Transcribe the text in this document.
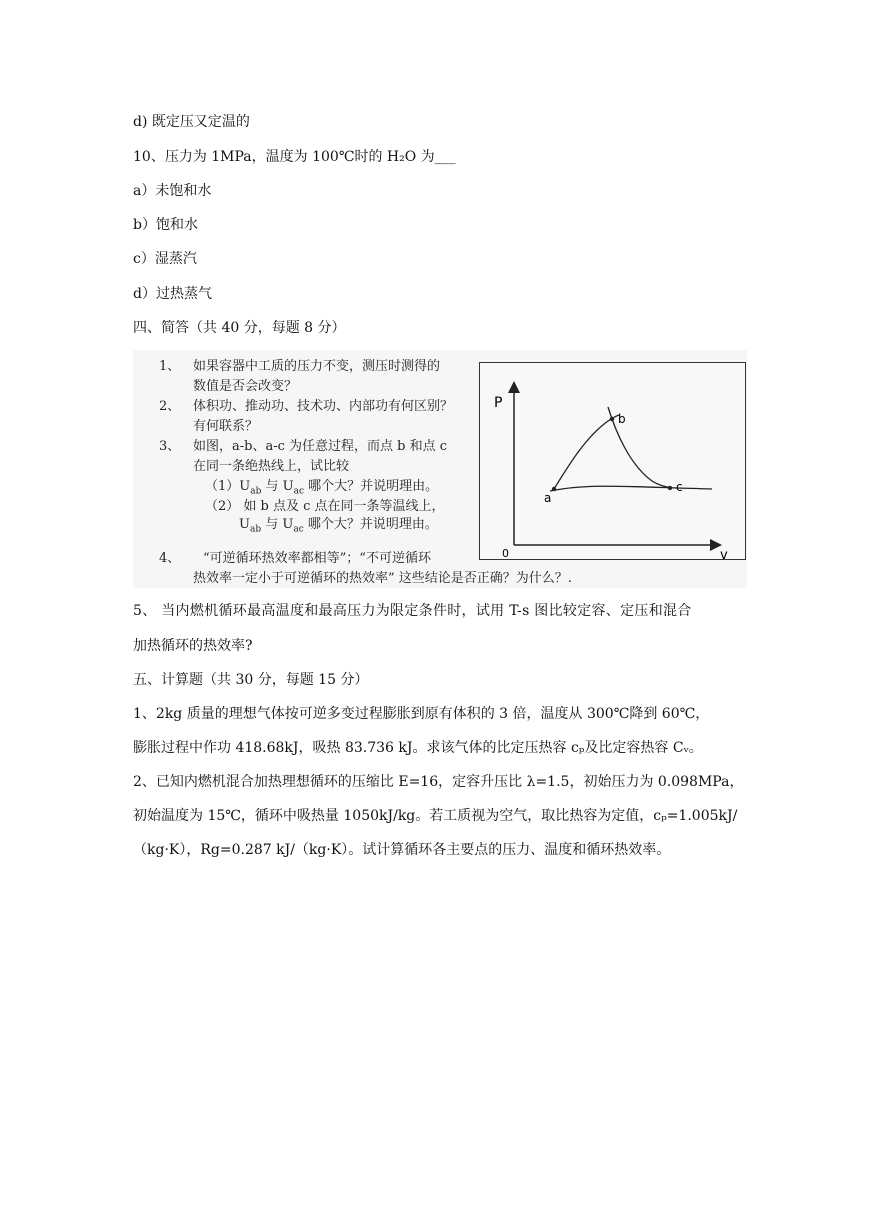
d) 既定压又定温的
10、压力为 1MPa，温度为 100℃时的 H₂O 为___
a）未饱和水
b）饱和水
c）湿蒸汽
d）过热蒸气
四、简答（共 40 分，每题 8 分）
1、 如果容器中工质的压力不变，测压时测得的
数值是否会改变？
2、 体积功、推动功、技术功、内部功有何区别？
有何联系？
3、 如图，a-b、a-c 为任意过程，而点 b 和点 c
在同一条绝热线上，试比较
$(1)U_{ab}$ 与 $U_{ac}$ 哪个大？并说明理由。
（2） 如 b 点及 c 点在同一条等温线上，
$U_{ab}$ 与 $U_{ac}$ 哪个大？并说明理由。
4、 “可逆循环热效率都相等”；“不可逆循环
热效率一定小于可逆循环的热效率” 这些结论是否正确？为什么？.
P
v
0
a
b
c
5、 当内燃机循环最高温度和最高压力为限定条件时，试用 T-s 图比较定容、定压和混合
加热循环的热效率?
五、计算题（共 30 分，每题 15 分）
1、2kg 质量的理想气体按可逆多变过程膨胀到原有体积的 3 倍，温度从 300℃降到 60℃，
膨胀过程中作功 418.68kJ，吸热 83.736 kJ。求该气体的比定压热容 cₚ及比定容热容 Cᵥ。
2、已知内燃机混合加热理想循环的压缩比 E=16，定容升压比 λ=1.5，初始压力为 0.098MPa，
初始温度为 15℃，循环中吸热量 1050kJ/kg。若工质视为空气，取比热容为定值，cₚ=1.005kJ/
（kg·K），Rg=0.287 kJ/（kg·K）。试计算循环各主要点的压力、温度和循环热效率。
